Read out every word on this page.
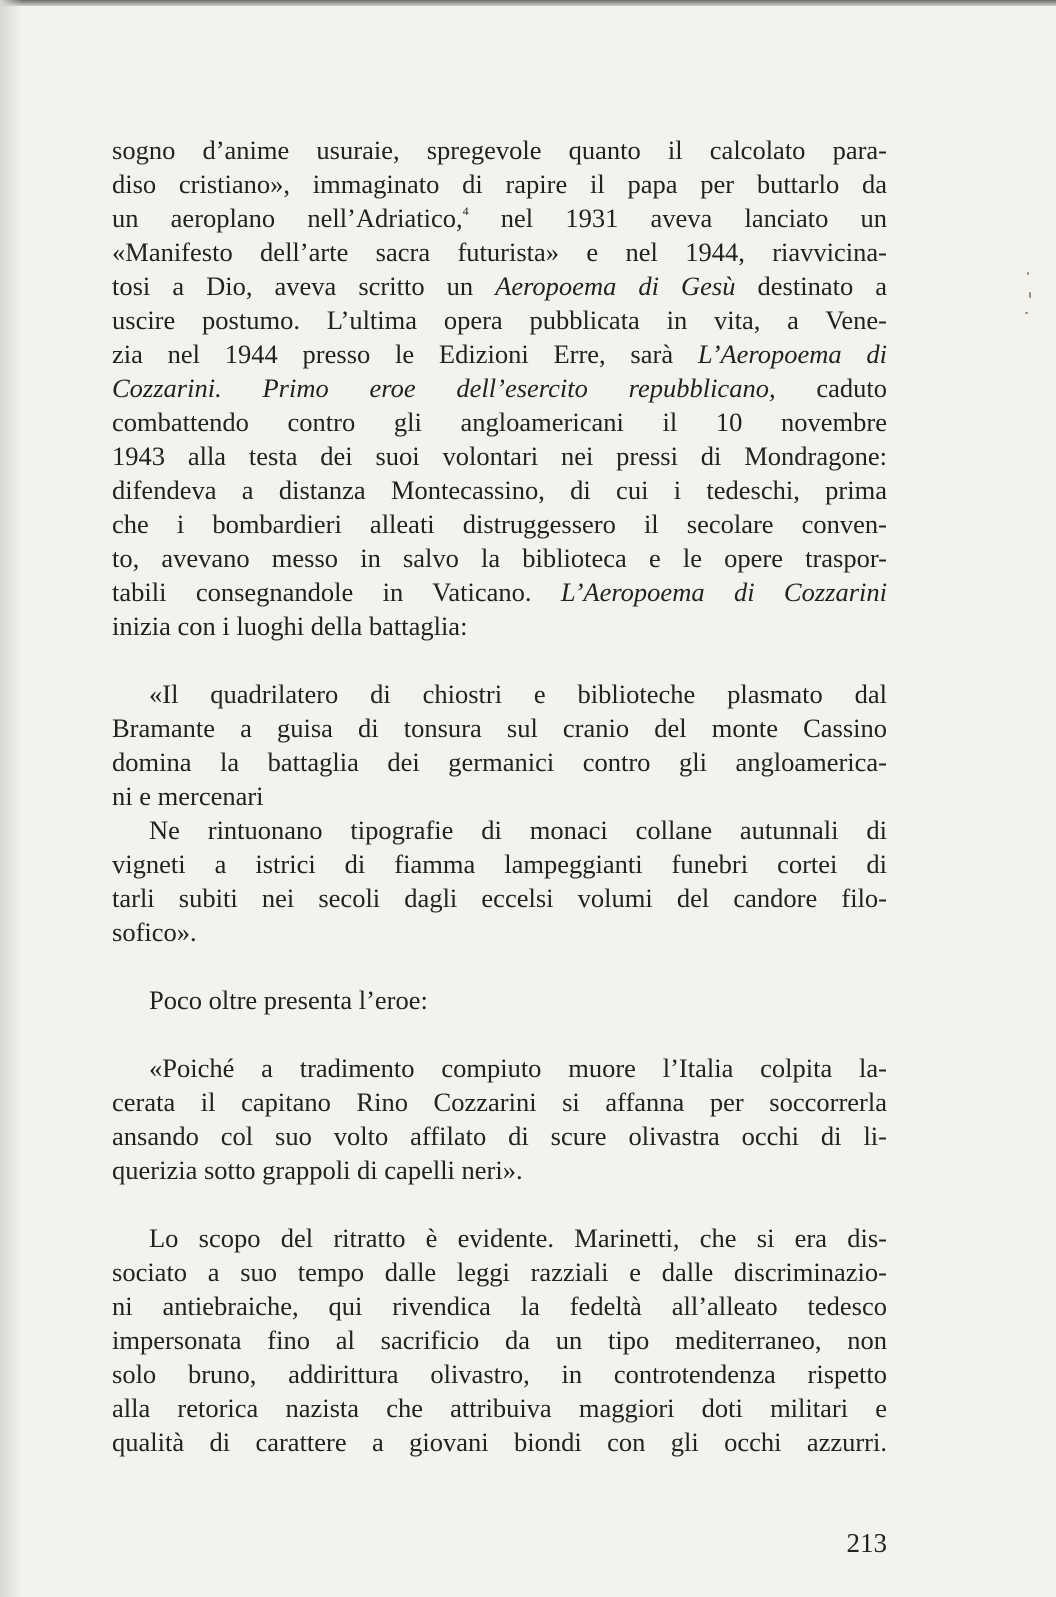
sogno d’anime usuraie, spregevole quanto il calcolato para-
diso cristiano», immaginato di rapire il papa per buttarlo da
un aeroplano nell’Adriatico,$^4$ nel 1931 aveva lanciato un
«Manifesto dell’arte sacra futurista» e nel 1944, riavvicina-
tosi a Dio, aveva scritto un Aeropoema di Gesù destinato a
uscire postumo. L’ultima opera pubblicata in vita, a Vene-
zia nel 1944 presso le Edizioni Erre, sarà L’Aeropoema di
Cozzarini. Primo eroe dell’esercito repubblicano, caduto
combattendo contro gli angloamericani il 10 novembre
1943 alla testa dei suoi volontari nei pressi di Mondragone:
difendeva a distanza Montecassino, di cui i tedeschi, prima
che i bombardieri alleati distruggessero il secolare conven-
to, avevano messo in salvo la biblioteca e le opere traspor-
tabili consegnandole in Vaticano. L’Aeropoema di Cozzarini
inizia con i luoghi della battaglia:
«Il quadrilatero di chiostri e biblioteche plasmato dal
Bramante a guisa di tonsura sul cranio del monte Cassino
domina la battaglia dei germanici contro gli angloamerica-
ni e mercenari
Ne rintuonano tipografie di monaci collane autunnali di
vigneti a istrici di fiamma lampeggianti funebri cortei di
tarli subiti nei secoli dagli eccelsi volumi del candore filo-
sofico».
Poco oltre presenta l’eroe:
«Poiché a tradimento compiuto muore l’Italia colpita la-
cerata il capitano Rino Cozzarini si affanna per soccorrerla
ansando col suo volto affilato di scure olivastra occhi di li-
querizia sotto grappoli di capelli neri».
Lo scopo del ritratto è evidente. Marinetti, che si era dis-
sociato a suo tempo dalle leggi razziali e dalle discriminazio-
ni antiebraiche, qui rivendica la fedeltà all’alleato tedesco
impersonata fino al sacrificio da un tipo mediterraneo, non
solo bruno, addirittura olivastro, in controtendenza rispetto
alla retorica nazista che attribuiva maggiori doti militari e
qualità di carattere a giovani biondi con gli occhi azzurri.
213
